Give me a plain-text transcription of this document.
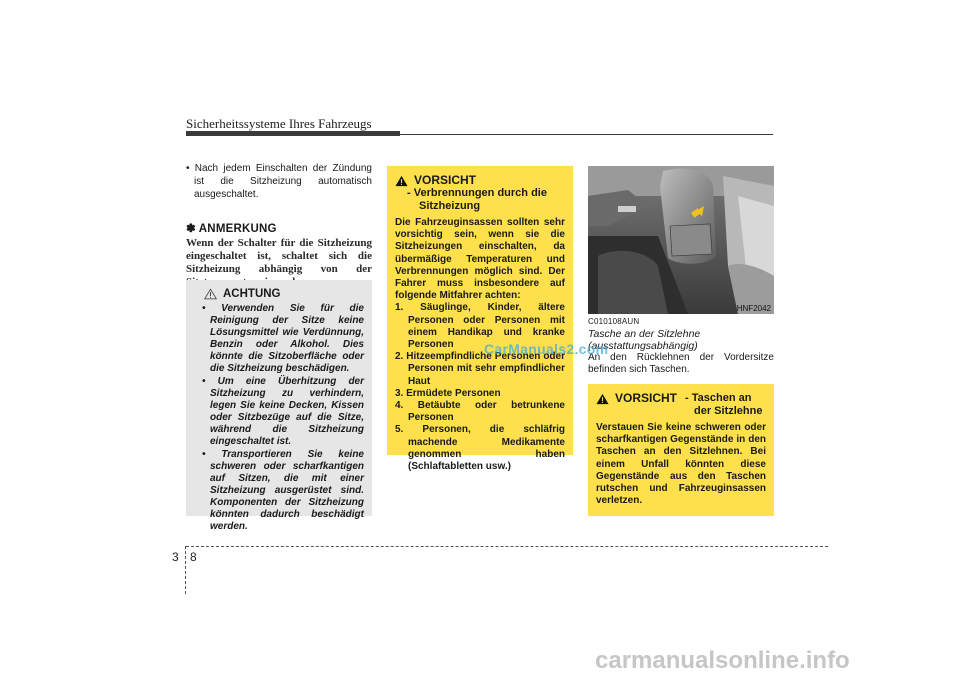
Sicherheitssysteme Ihres Fahrzeugs

• Nach jedem Einschalten der Zündung ist die Sitzheizung automatisch ausgeschaltet.

✽ ANMERKUNG

Wenn der Schalter für die Sitzheizung eingeschaltet ist, schaltet sich die Sitzheizung abhängig von der

ACHTUNG
• Verwenden Sie für die Reinigung der Sitze keine Lösungsmittel wie Verdünnung, Benzin oder Alkohol. Dies könnte die Sitzoberfläche oder die Sitzheizung beschädigen.
• Um eine Überhitzung der Sitzheizung zu verhindern, legen Sie keine Decken, Kissen oder Sitzbezüge auf die Sitze, während die Sitzheizung eingeschaltet ist.
• Transportieren Sie keine schweren oder scharfkantigen auf Sitzen, die mit einer Sitzheizung ausgerüstet sind. Komponenten der Sitzheizung könnten dadurch beschädigt werden.
VORSICHT
- Verbrennungen durch die
Sitzheizung

Die Fahrzeuginsassen sollten sehr vorsichtig sein, wenn sie die Sitzheizungen einschalten, da übermäßige Temperaturen und Verbrennungen möglich sind. Der Fahrer muss insbesondere auf folgende Mitfahrer achten:

1. Säuglinge, Kinder, ältere Personen oder Personen mit einem Handikap und kranke Personen
2. Hitzeempfindliche Personen oder Personen mit sehr empfindlicher Haut
3. Ermüdete Personen
4. Betäubte oder betrunkene Personen
5. Personen, die schläfrig machende Medikamente genommen haben (Schlaftabletten usw.)
HNF2042

C010108AUN

Tasche an der Sitzlehne (ausstattungsabhängig)

An den Rücklehnen der Vordersitze befinden sich Taschen.

VORSICHT - Taschen an
der Sitzlehne

Verstauen Sie keine schweren oder scharfkantigen Gegenstände in den Taschen an den Sitzlehnen. Bei einem Unfall könnten diese Gegenstände aus den Taschen rutschen und Fahrzeuginsassen verletzen.

3 8
CarManuals2.com
carmanualsonline.info
